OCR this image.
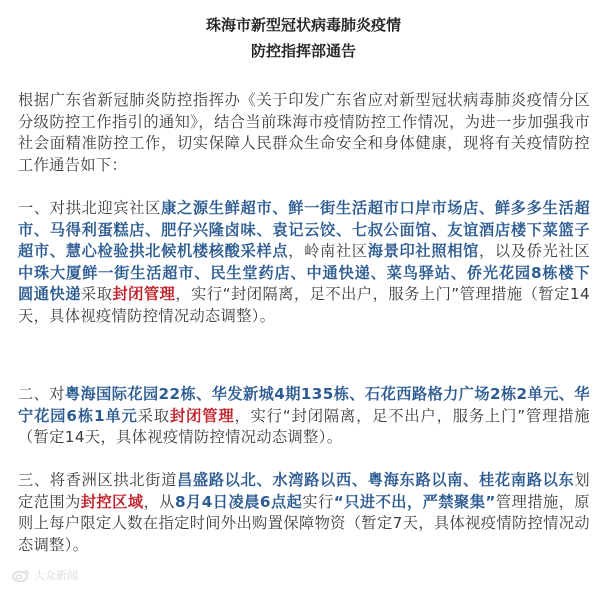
珠海市新型冠状病毒肺炎疫情
防控指挥部通告

根据广东省新冠肺炎防控指挥办《关于印发广东省应对新型冠状病毒肺炎疫情分区分级防控工作指引的通知》，结合当前珠海市疫情防控工作情况，为进一步加强我市社会面精准防控工作，切实保障人民群众生命安全和身体健康，现将有关疫情防控工作通告如下：

一、对拱北迎宾社区康之源生鲜超市、鲜一街生活超市口岸市场店、鲜多多生活超市、马得利蛋糕店、肥仔兴隆卤味、袁记云饺、七叔公面馆、友谊酒店楼下菜篮子超市、慧心检验拱北候机楼核酸采样点，岭南社区海景印社照相馆，以及侨光社区中珠大厦鲜一街生活超市、民生堂药店、中通快递、菜鸟驿站、侨光花园8栋楼下圆通快递采取封闭管理，实行“封闭隔离，足不出户，服务上门”管理措施（暂定14天，具体视疫情防控情况动态调整）。

二、对粤海国际花园22栋、华发新城4期135栋、石花西路格力广场2栋2单元、华宁花园6栋1单元采取封闭管理，实行“封闭隔离，足不出户，服务上门”管理措施（暂定14天，具体视疫情防控情况动态调整）。

三、将香洲区拱北街道昌盛路以北、水湾路以西、粤海东路以南、桂花南路以东划定范围为封控区域，从8月4日凌晨6点起实行“只进不出，严禁聚集”管理措施，原则上每户限定人数在指定时间外出购置保障物资（暂定7天，具体视疫情防控情况动态调整）。

大众新闻
